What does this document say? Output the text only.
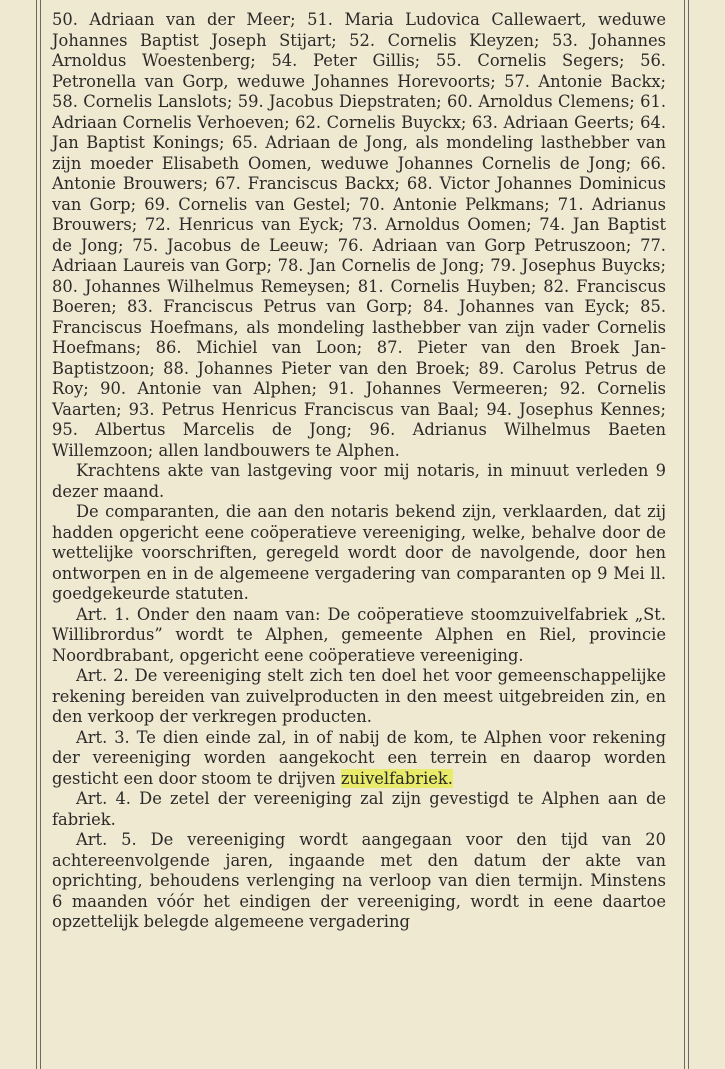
50. Adriaan van der Meer; 51. Maria Ludovica Callewaert, weduwe Johannes Baptist Joseph Stijart; 52. Cornelis Kleyzen; 53. Johannes Arnoldus Woestenberg; 54. Peter Gillis; 55. Cornelis Segers; 56. Petronella van Gorp, weduwe Johannes Horevoorts; 57. Antonie Backx; 58. Cornelis Lanslots; 59. Jacobus Diepstraten; 60. Arnoldus Clemens; 61. Adriaan Cornelis Verhoeven; 62. Cornelis Buyckx; 63. Adriaan Geerts; 64. Jan Baptist Konings; 65. Adriaan de Jong, als mondeling lasthebber van zijn moeder Elisabeth Oomen, weduwe Johannes Cornelis de Jong; 66. Antonie Brouwers; 67. Franciscus Backx; 68. Victor Johannes Dominicus van Gorp; 69. Cornelis van Gestel; 70. Antonie Pelkmans; 71. Adrianus Brouwers; 72. Henricus van Eyck; 73. Arnoldus Oomen; 74. Jan Baptist de Jong; 75. Jacobus de Leeuw; 76. Adriaan van Gorp Petruszoon; 77. Adriaan Laureis van Gorp; 78. Jan Cornelis de Jong; 79. Josephus Buycks; 80. Johannes Wilhelmus Remeysen; 81. Cornelis Huyben; 82. Franciscus Boeren; 83. Franciscus Petrus van Gorp; 84. Johannes van Eyck; 85. Franciscus Hoefmans, als mondeling lasthebber van zijn vader Cornelis Hoefmans; 86. Michiel van Loon; 87. Pieter van den Broek Jan-Baptistzoon; 88. Johannes Pieter van den Broek; 89. Carolus Petrus de Roy; 90. Antonie van Alphen; 91. Johannes Vermeeren; 92. Cornelis Vaarten; 93. Petrus Henricus Franciscus van Baal; 94. Josephus Kennes; 95. Albertus Marcelis de Jong; 96. Adrianus Wilhelmus Baeten Willemzoon; allen landbouwers te Alphen.

Krachtens akte van lastgeving voor mij notaris, in minuut verleden 9 dezer maand.

De comparanten, die aan den notaris bekend zijn, verklaarden, dat zij hadden opgericht eene coöperatieve vereeniging, welke, behalve door de wettelijke voorschriften, geregeld wordt door de navolgende, door hen ontworpen en in de algemeene vergadering van comparanten op 9 Mei ll. goedgekeurde statuten.

Art. 1. Onder den naam van: De coöperatieve stoomzuivelfabriek „St. Willibrordus” wordt te Alphen, gemeente Alphen en Riel, provincie Noordbrabant, opgericht eene coöperatieve vereeniging.

Art. 2. De vereeniging stelt zich ten doel het voor gemeenschappelijke rekening bereiden van zuivelproducten in den meest uitgebreiden zin, en den verkoop der verkregen producten.

Art. 3. Te dien einde zal, in of nabij de kom, te Alphen voor rekening der vereeniging worden aangekocht een terrein en daarop worden gesticht een door stoom te drijven zuivelfabriek.

Art. 4. De zetel der vereeniging zal zijn gevestigd te Alphen aan de fabriek.

Art. 5. De vereeniging wordt aangegaan voor den tijd van 20 achtereenvolgende jaren, ingaande met den datum der akte van oprichting, behoudens verlenging na verloop van dien termijn. Minstens 6 maanden vóór het eindigen der vereeniging, wordt in eene daartoe opzettelijk belegde algemeene vergadering
